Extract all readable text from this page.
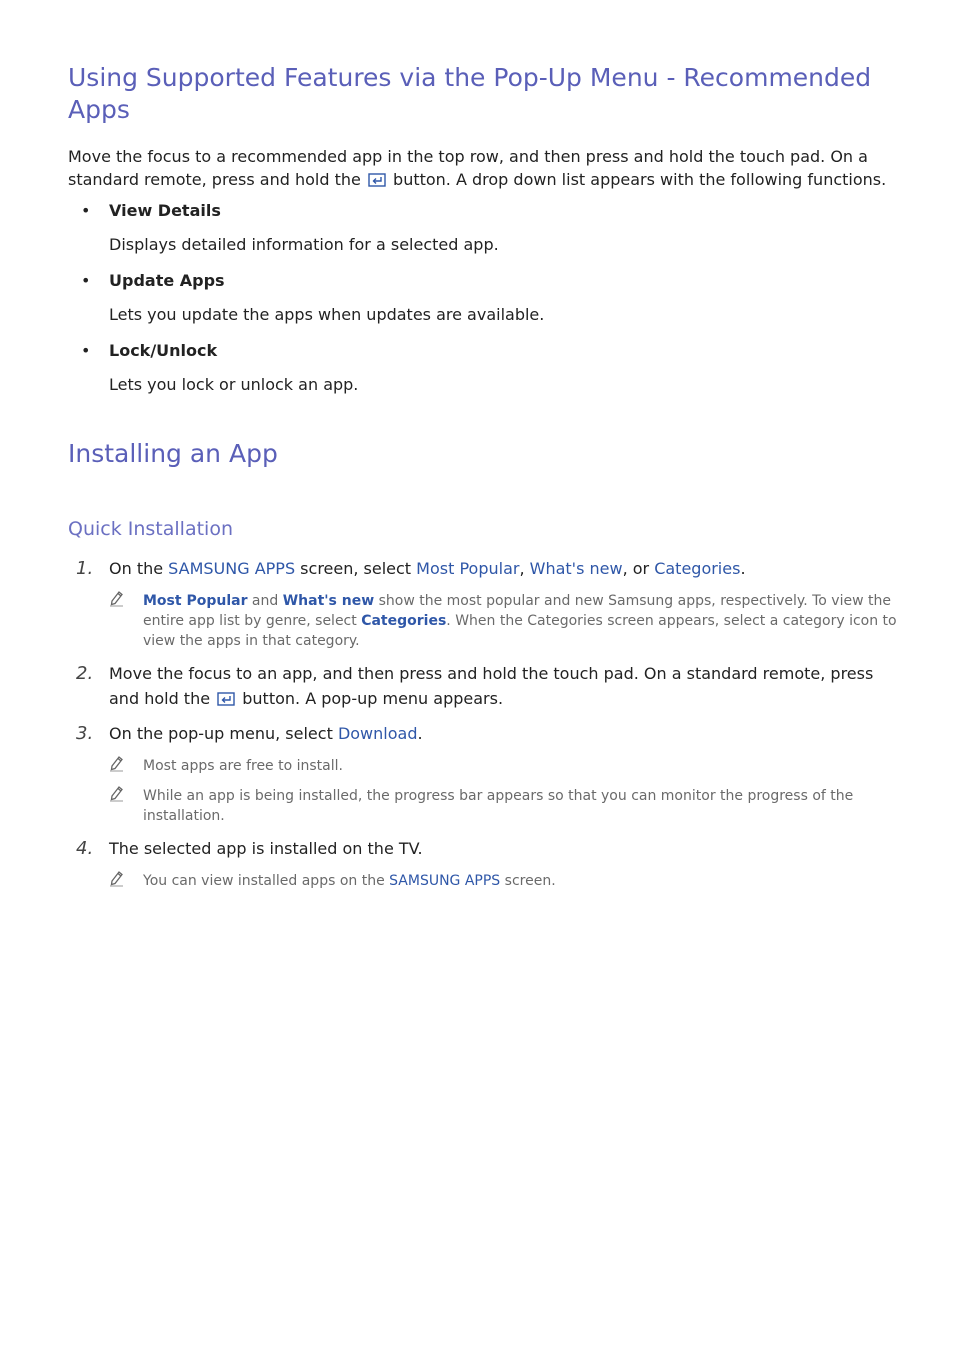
Using Supported Features via the Pop-Up Menu - Recommended Apps

Move the focus to a recommended app in the top row, and then press and hold the touch pad. On a standard remote, press and hold the button. A drop down list appears with the following functions.

• View Details
Displays detailed information for a selected app.
• Update Apps
Lets you update the apps when updates are available.
• Lock/Unlock
Lets you lock or unlock an app.
Installing an App
Quick Installation
1. On the SAMSUNG APPS screen, select Most Popular, What's new, or Categories.
Most Popular and What's new show the most popular and new Samsung apps, respectively. To view the entire app list by genre, select Categories. When the Categories screen appears, select a category icon to view the apps in that category.
2. Move the focus to an app, and then press and hold the touch pad. On a standard remote, press and hold the button. A pop-up menu appears.
3. On the pop-up menu, select Download.
Most apps are free to install.
While an app is being installed, the progress bar appears so that you can monitor the progress of the installation.
4. The selected app is installed on the TV.
You can view installed apps on the SAMSUNG APPS screen.
